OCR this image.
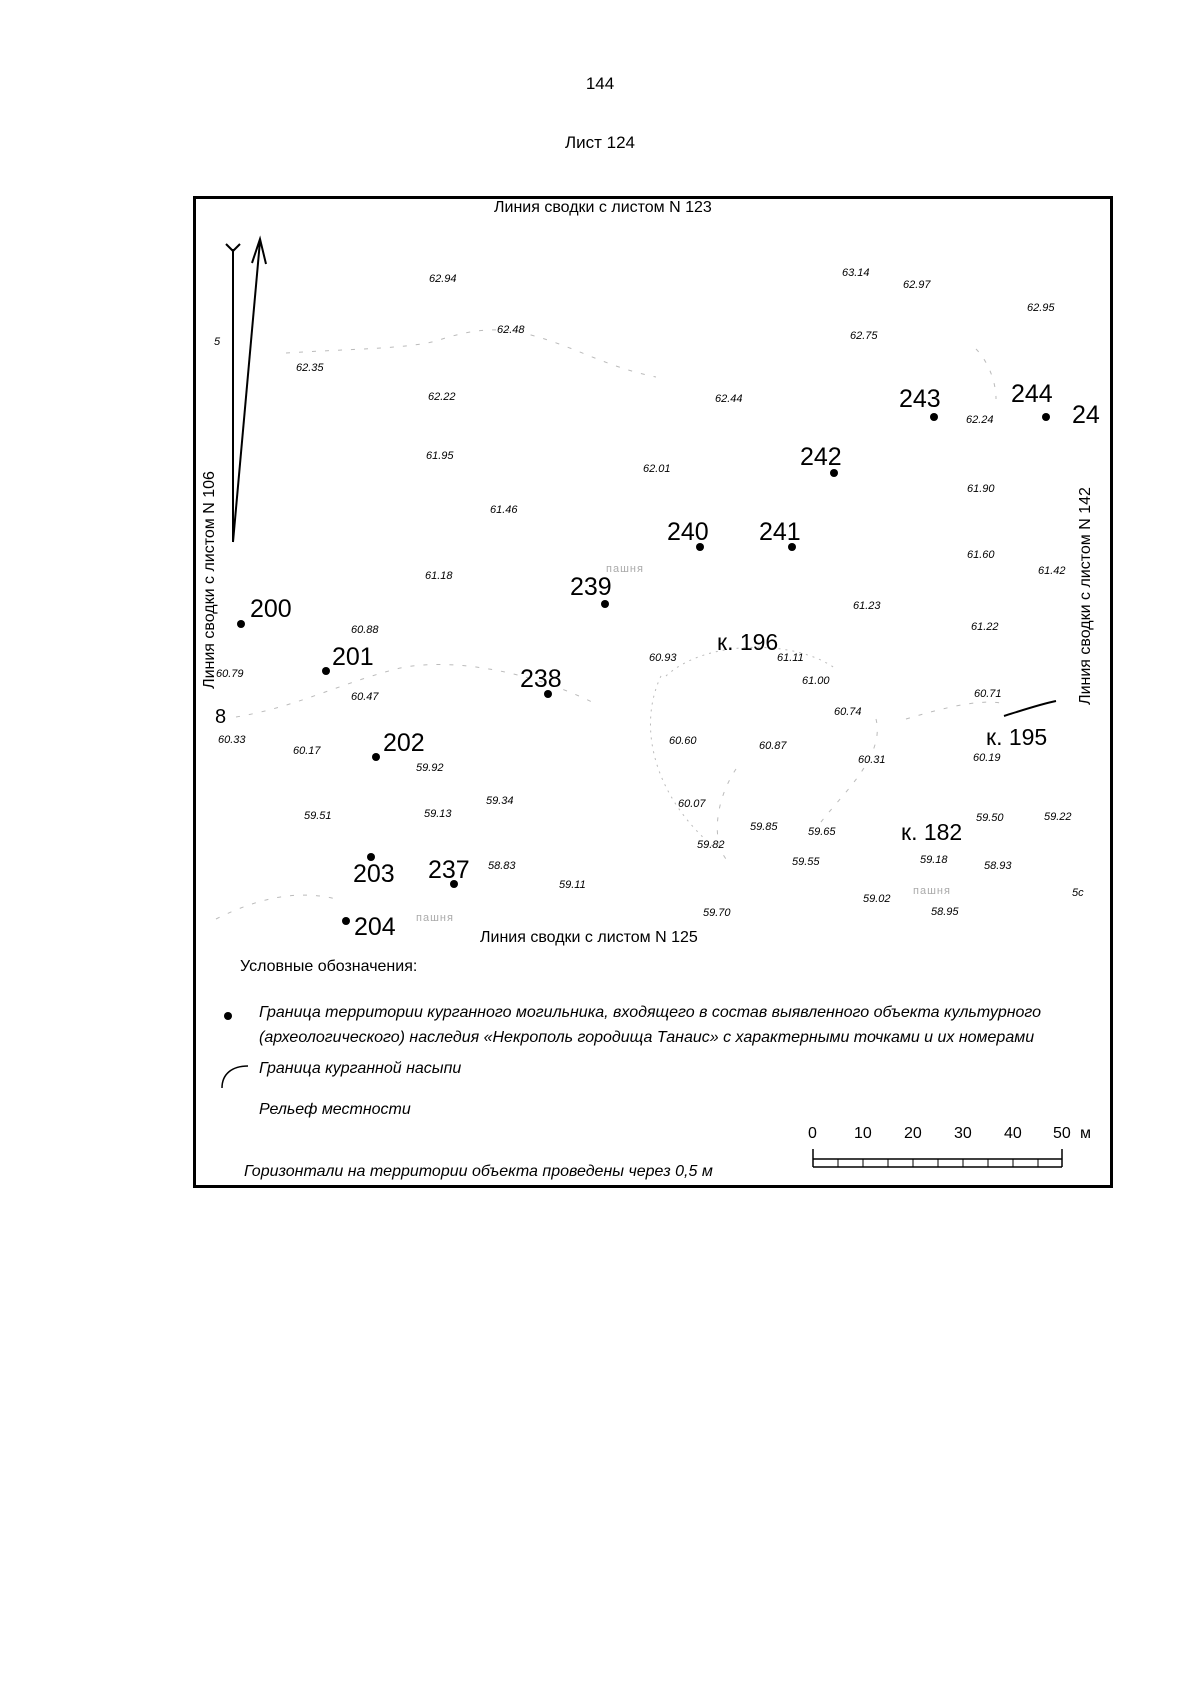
144
Лист 124
Линия сводки с листом N 123
Линия сводки с листом N 125
Линия сводки с листом N 106	Линия сводки с листом N 142
62.94	63.14
62.97
62.95
62.48	62.75
62.35
62.22	62.44
62.24
61.95
62.01
61.90
61.46
61.60
61.42
61.18
61.23
61.22
60.88
60.93	61.11
60.79
61.00
60.71
60.47
60.74
60.33	60.60	60.87
60.19
60.17
60.31
59.92
59.51	59.13
59.34	60.07
59.85	59.65
59.50	59.22
59.82
59.18
58.83	59.55	58.93
59.11
59.02
59.70	58.95
пашня
пашня
пашня
200
201
202
203
204
237
238
239
240 241
242
243	244
24
к. 196
к. 195
к. 182
5
8
5с
Условные обозначения:
Граница территории курганного могильника, входящего в состав выявленного объекта культурного
(археологического) наследия «Некрополь городища Танаис» с характерными точками и их номерами
Граница курганной насыпи
Рельеф местности
Горизонтали на территории объекта проведены через 0,5 м
0 10 20 30 40 50 м
